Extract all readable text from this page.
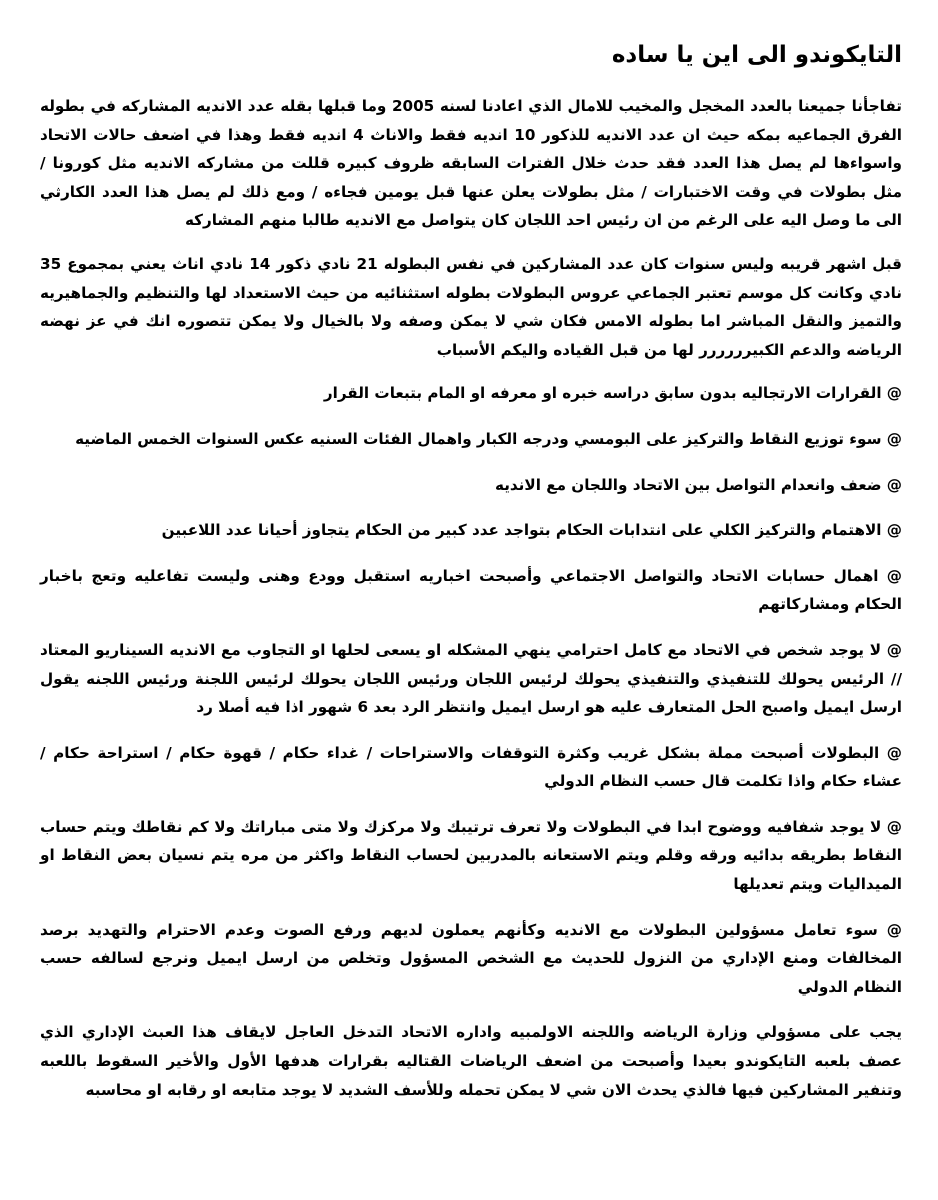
التايكوندو الى اين يا ساده

تفاجأنا جميعنا بالعدد المخجل والمخيب للامال الذي اعادنا لسنه 2005 وما قبلها بقله عدد الانديه المشاركه في بطوله الفرق الجماعيه بمكه حيث ان عدد الانديه للذكور 10 انديه فقط والاناث 4 انديه فقط وهذا في اضعف حالات الاتحاد واسواءها لم يصل هذا العدد فقد حدث خلال الفترات السابقه ظروف كبيره قللت من مشاركه الانديه مثل كورونا / مثل بطولات في وقت الاختبارات / مثل بطولات يعلن عنها قبل يومين فجاءه / ومع ذلك لم يصل هذا العدد الكارثي الى ما وصل اليه على الرغم من ان رئيس احد اللجان كان يتواصل مع الانديه طالبا منهم المشاركه

قبل اشهر قريبه وليس سنوات كان عدد المشاركين في نفس البطوله 21 نادي ذكور 14 نادي اناث يعني بمجموع 35 نادي وكانت كل موسم تعتبر الجماعي عروس البطولات بطوله استثنائيه من حيث الاستعداد لها والتنظيم والجماهيريه والتميز والنقل المباشر اما بطوله الامس فكان شي لا يمكن وصفه ولا بالخيال ولا يمكن تتصوره انك في عز نهضه الرياضه والدعم الكبيرررررر لها من قبل القياده واليكم الأسباب

@ القرارات الارتجاليه بدون سابق دراسه خبره او معرفه او المام بتبعات القرار

@ سوء توزيع النقاط والتركيز على البومسي ودرجه الكبار واهمال الفئات السنيه عكس السنوات الخمس الماضيه

@ ضعف وانعدام التواصل بين الاتحاد واللجان مع الانديه

@ الاهتمام والتركيز الكلي على انتدابات الحكام بتواجد عدد كبير من الحكام يتجاوز أحيانا عدد اللاعبين

@ اهمال حسابات الاتحاد والتواصل الاجتماعي وأصبحت اخباريه استقبل وودع وهنى وليست تفاعليه وتعج باخبار الحكام ومشاركاتهم

@ لا يوجد شخص في الاتحاد مع كامل احترامي ينهي المشكله او يسعى لحلها او التجاوب مع الانديه السيناريو المعتاد // الرئيس يحولك للتنفيذي والتنفيذي يحولك لرئيس اللجان ورئيس اللجان يحولك لرئيس اللجنة ورئيس اللجنه يقول ارسل ايميل واصبح الحل المتعارف عليه هو ارسل ايميل وانتظر الرد بعد 6 شهور اذا فيه أصلا رد

@ البطولات أصبحت مملة بشكل غريب وكثرة التوقفات والاستراحات / غداء حكام / قهوة حكام / استراحة حكام / عشاء حكام واذا تكلمت قال حسب النظام الدولي

@ لا يوجد شفافيه ووضوح ابدا في البطولات ولا تعرف ترتيبك ولا مركزك ولا متى مباراتك ولا كم نقاطك ويتم حساب النقاط بطريقه بدائيه ورقه وقلم ويتم الاستعانه بالمدربين لحساب النقاط واكثر من مره يتم نسيان بعض النقاط او الميداليات ويتم تعديلها

@ سوء تعامل مسؤولين البطولات مع الانديه وكأنهم يعملون لديهم ورفع الصوت وعدم الاحترام والتهديد برصد المخالفات ومنع الإداري من النزول للحديث مع الشخص المسؤول وتخلص من ارسل ايميل ونرجع لسالفه حسب النظام الدولي

يجب على مسؤولي وزارة الرياضه واللجنه الاولمبيه واداره الاتحاد التدخل العاجل لايقاف هذا العبث الإداري الذي عصف بلعبه التايكوندو بعيدا وأصبحت من اضعف الرياضات القتاليه بقرارات هدفها الأول والأخير السقوط باللعبه وتنفير المشاركين فيها فالذي يحدث الان شي لا يمكن تحمله وللأسف الشديد لا يوجد متابعه او رقابه او محاسبه
